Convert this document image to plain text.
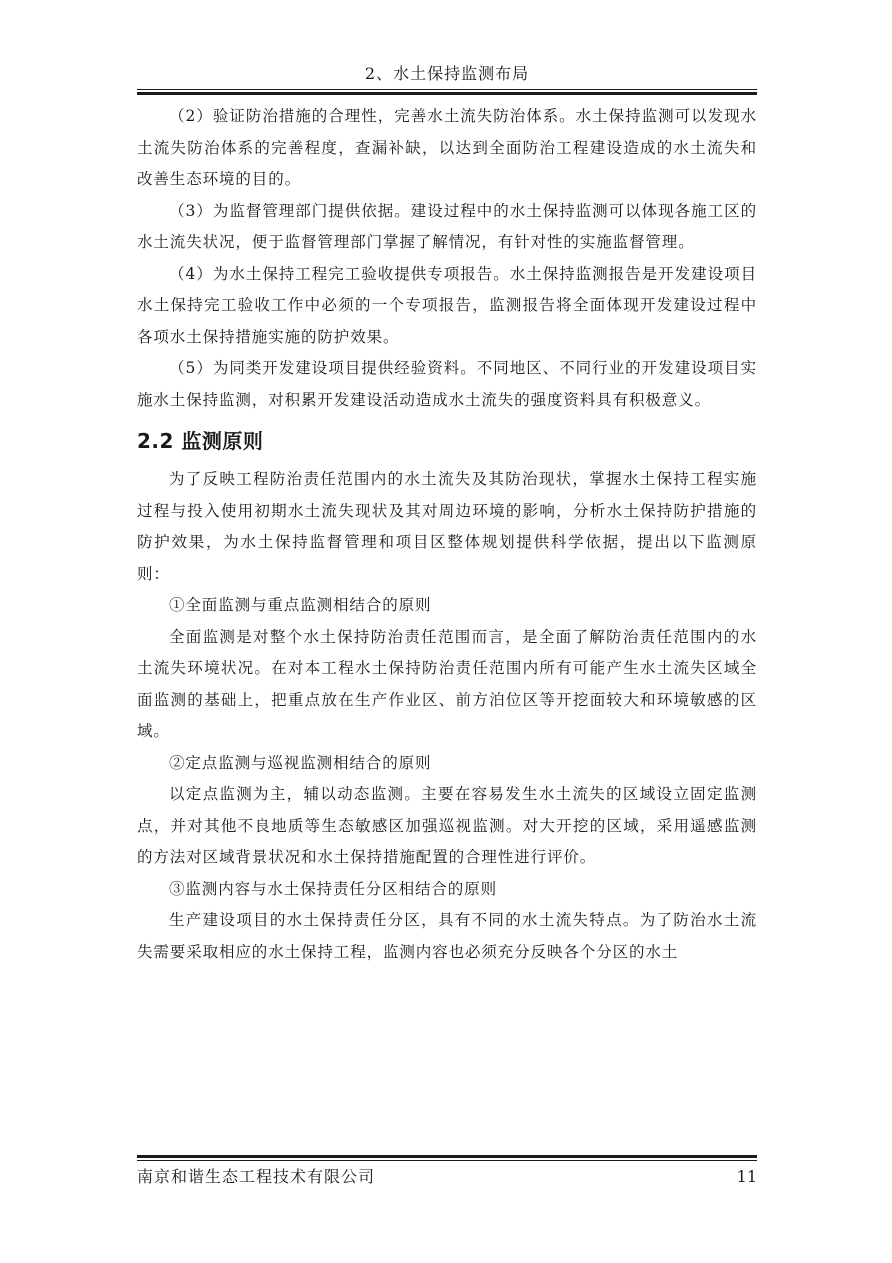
2、水土保持监测布局

（2）验证防治措施的合理性，完善水土流失防治体系。水土保持监测可以发现水土流失防治体系的完善程度，查漏补缺，以达到全面防治工程建设造成的水土流失和改善生态环境的目的。

（3）为监督管理部门提供依据。建设过程中的水土保持监测可以体现各施工区的水土流失状况，便于监督管理部门掌握了解情况，有针对性的实施监督管理。

（4）为水土保持工程完工验收提供专项报告。水土保持监测报告是开发建设项目水土保持完工验收工作中必须的一个专项报告，监测报告将全面体现开发建设过程中各项水土保持措施实施的防护效果。

（5）为同类开发建设项目提供经验资料。不同地区、不同行业的开发建设项目实施水土保持监测，对积累开发建设活动造成水土流失的强度资料具有积极意义。

2.2 监测原则

为了反映工程防治责任范围内的水土流失及其防治现状，掌握水土保持工程实施过程与投入使用初期水土流失现状及其对周边环境的影响，分析水土保持防护措施的防护效果，为水土保持监督管理和项目区整体规划提供科学依据，提出以下监测原则：

①全面监测与重点监测相结合的原则

全面监测是对整个水土保持防治责任范围而言，是全面了解防治责任范围内的水土流失环境状况。在对本工程水土保持防治责任范围内所有可能产生水土流失区域全面监测的基础上，把重点放在生产作业区、前方泊位区等开挖面较大和环境敏感的区域。

②定点监测与巡视监测相结合的原则

以定点监测为主，辅以动态监测。主要在容易发生水土流失的区域设立固定监测点，并对其他不良地质等生态敏感区加强巡视监测。对大开挖的区域，采用遥感监测的方法对区域背景状况和水土保持措施配置的合理性进行评价。

③监测内容与水土保持责任分区相结合的原则

生产建设项目的水土保持责任分区，具有不同的水土流失特点。为了防治水土流失需要采取相应的水土保持工程，监测内容也必须充分反映各个分区的水土

南京和谐生态工程技术有限公司	11
